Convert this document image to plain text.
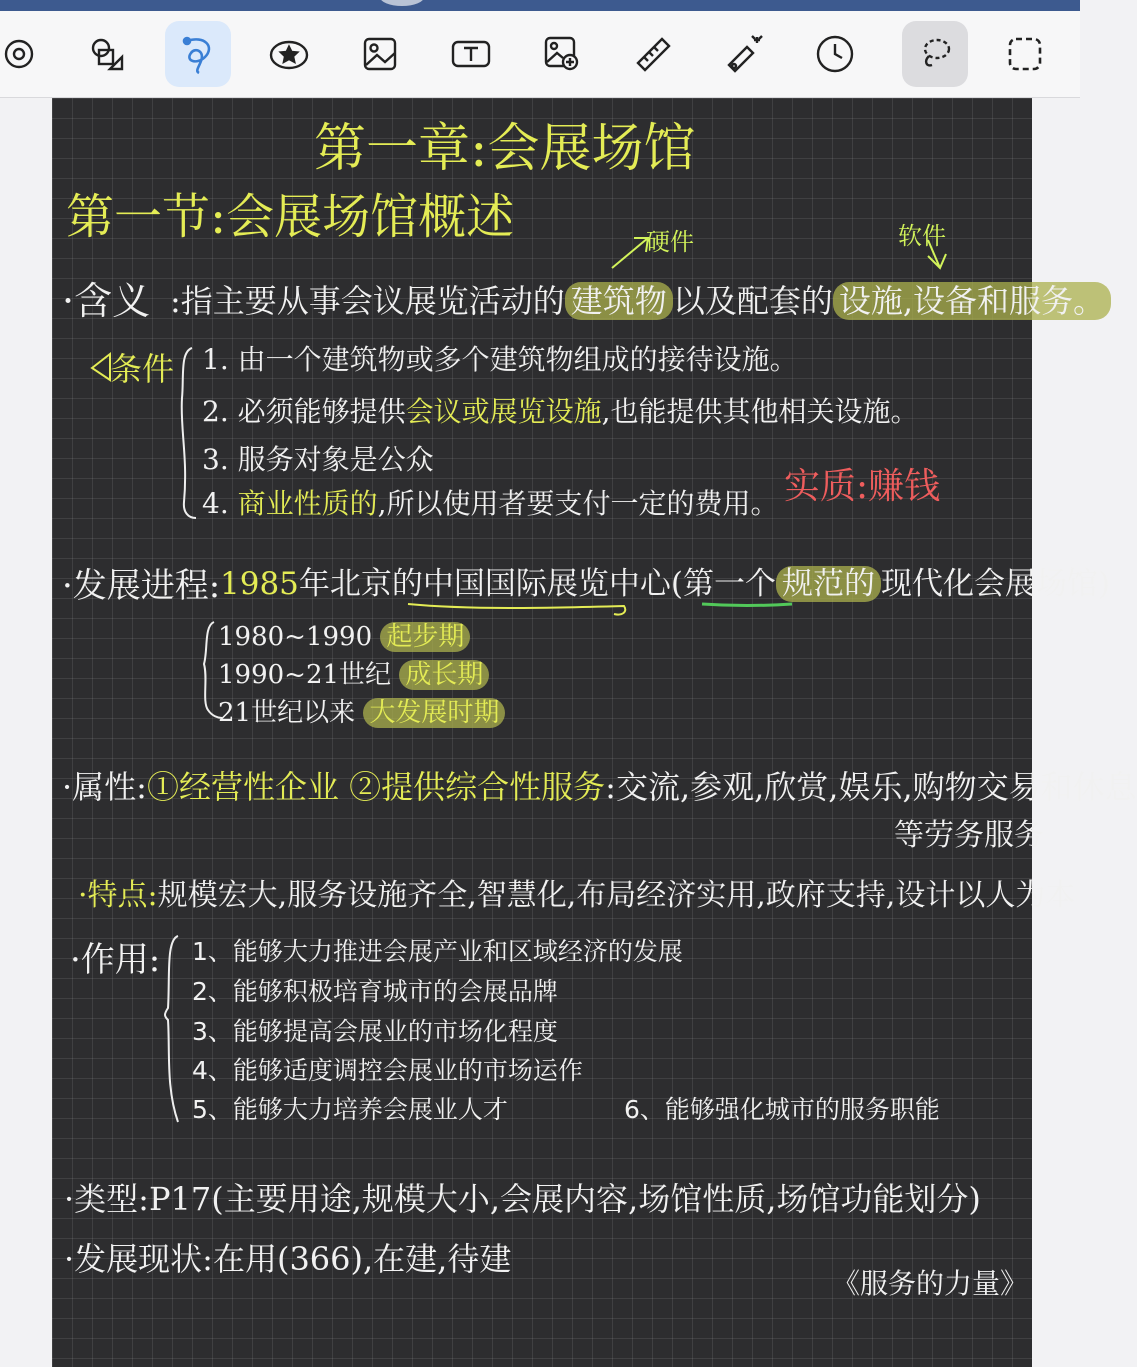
第一章:会展场馆
第一节:会展场馆概述	硬件	软件
·含义 :指主要从事会议展览活动的 建筑物 以及配套的 设施,设备和服务。
条件 1. 由一个建筑物或多个建筑物组成的接待设施。
2. 必须能够提供会议或展览设施,也能提供其他相关设施。
3. 服务对象是公众
4. 商业性质的,所以使用者要支付一定的费用。 实质:赚钱
·发展进程: 1985年北京的中国国际展览中心(第一个 规范的 现代化会展场馆)
1980~1990 起步期
1990~21世纪 成长期
21世纪以来 大发展时期
·属性:①经营性企业 ②提供综合性服务:交流,参观,欣赏,娱乐,购物交易和休息
等劳务服务
·特点:规模宏大,服务设施齐全,智慧化,布局经济实用,政府支持,设计以人为本
·作用: 1、能够大力推进会展产业和区域经济的发展
2、能够积极培育城市的会展品牌
3、能够提高会展业的市场化程度
4、能够适度调控会展业的市场运作
5、能够大力培养会展业人才	6、能够强化城市的服务职能
·类型:P17(主要用途,规模大小,会展内容,场馆性质,场馆功能划分)
·发展现状:在用(366),在建,待建
《服务的力量》
